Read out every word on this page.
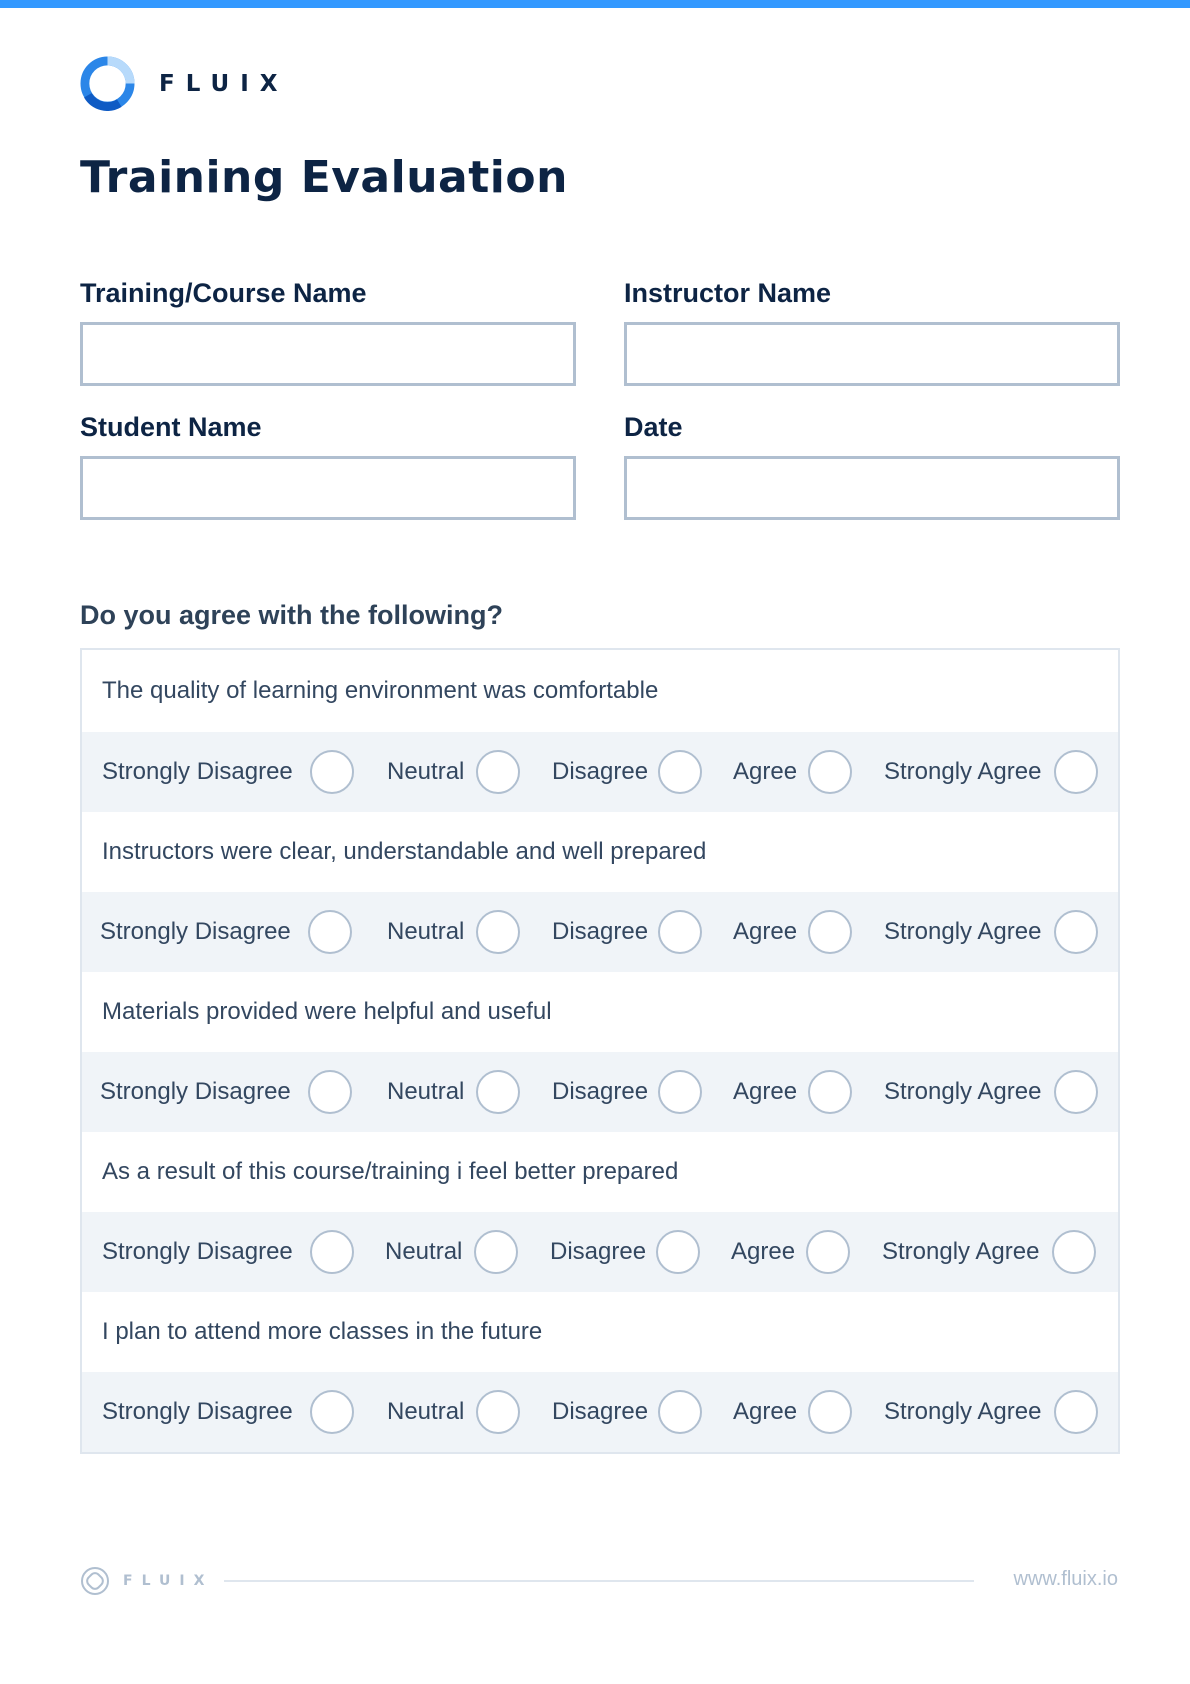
FLUIX
Training Evaluation
Training/Course Name	Instructor Name
Student Name	Date
Do you agree with the following?
The quality of learning environment was comfortable
Strongly Disagree	Neutral	Disagree	Agree	Strongly Agree
Instructors were clear, understandable and well prepared
Strongly Disagree	Neutral	Disagree	Agree	Strongly Agree
Materials provided were helpful and useful
Strongly Disagree	Neutral	Disagree	Agree	Strongly Agree
As a result of this course/training i feel better prepared
Strongly Disagree	Neutral	Disagree	Agree	Strongly Agree
I plan to attend more classes in the future
Strongly Disagree	Neutral	Disagree	Agree	Strongly Agree
FLUIX	www.fluix.io
